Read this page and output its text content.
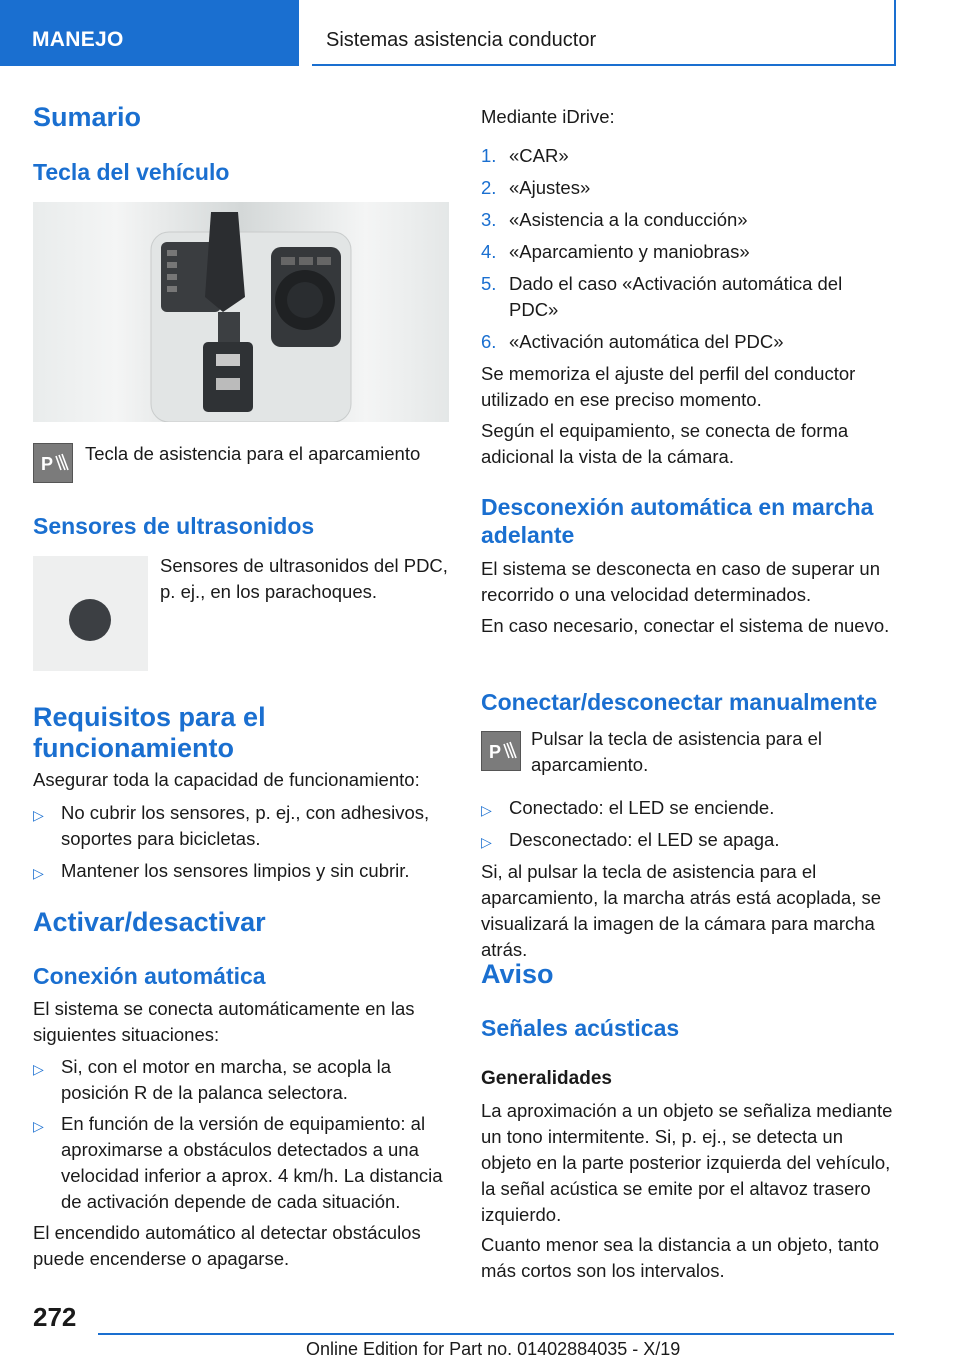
MANEJO	Sistemas asistencia conductor
Sumario
Tecla del vehículo
P Tecla de asistencia para el aparcamiento

Sensores de ultrasonidos

Sensores de ultrasonidos del PDC, p. ej., en los parachoques.

Requisitos para el funcionamiento

Asegurar toda la capacidad de funcionamiento:

▷ No cubrir los sensores, p. ej., con adhesivos, soportes para bicicletas.
▷ Mantener los sensores limpios y sin cubrir.
Activar/desactivar
Conexión automática

El sistema se conecta automáticamente en las siguientes situaciones:

▷ Si, con el motor en marcha, se acopla la posición R de la palanca selectora.
▷ En función de la versión de equipamiento: al aproximarse a obstáculos detectados a una velocidad inferior a aprox. 4 km/h. La distancia de activación depende de cada situación.

El encendido automático al detectar obstáculos puede encenderse o apagarse.

Mediante iDrive:

1. «CAR»
2. «Ajustes»
3. «Asistencia a la conducción»
4. «Aparcamiento y maniobras»
5. Dado el caso «Activación automática del PDC»
6. «Activación automática del PDC»

Se memoriza el ajuste del perfil del conductor utilizado en ese preciso momento.

Según el equipamiento, se conecta de forma adicional la vista de la cámara.

Desconexión automática en marcha adelante

El sistema se desconecta en caso de superar un recorrido o una velocidad determinados.

En caso necesario, conectar el sistema de nuevo.

Conectar/desconectar manualmente
P

Pulsar la tecla de asistencia para el aparcamiento.

▷ Conectado: el LED se enciende.
▷ Desconectado: el LED se apaga.

Si, al pulsar la tecla de asistencia para el aparcamiento, la marcha atrás está acoplada, se visualizará la imagen de la cámara para marcha atrás.

Aviso
Señales acústicas
Generalidades

La aproximación a un objeto se señaliza mediante un tono intermitente. Si, p. ej., se detecta un objeto en la parte posterior izquierda del vehículo, la señal acústica se emite por el altavoz trasero izquierdo.

Cuanto menor sea la distancia a un objeto, tanto más cortos son los intervalos.

272
Online Edition for Part no. 01402884035 - X/19
